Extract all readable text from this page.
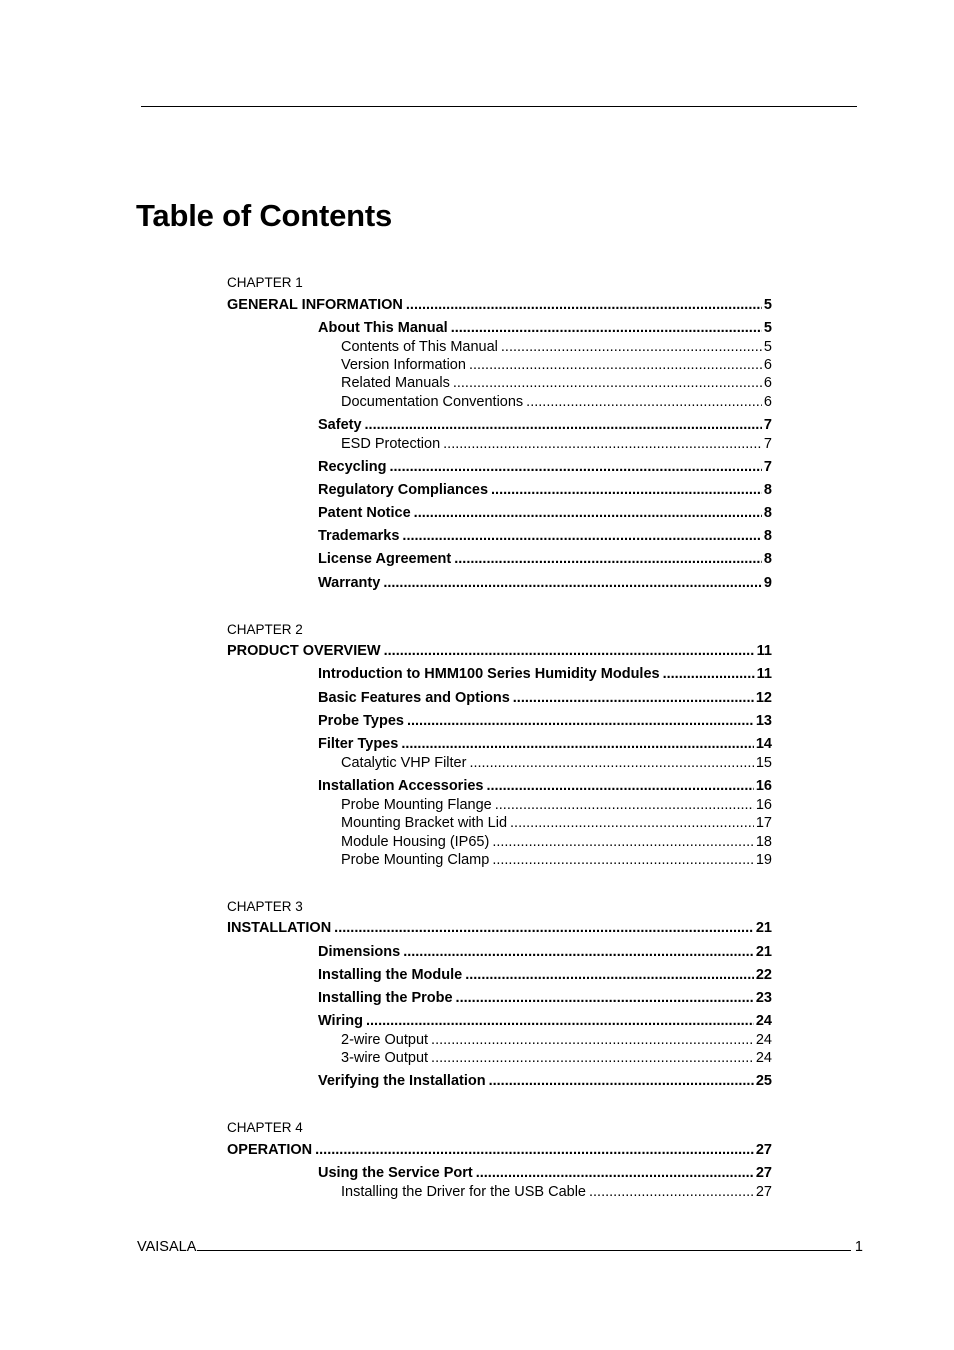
Table of Contents
CHAPTER 1
GENERAL INFORMATION .....	5
About This Manual .....	5
Contents of This Manual .....	5
Version Information .....	6
Related Manuals .....	6
Documentation Conventions .....	6
Safety .....	7
ESD Protection .....	7
Recycling .....	7
Regulatory Compliances .....	8
Patent Notice .....	8
Trademarks .....	8
License Agreement .....	8
Warranty .....	9
CHAPTER 2
PRODUCT OVERVIEW .....	11
Introduction to HMM100 Series Humidity Modules .....	11
Basic Features and Options .....	12
Probe Types .....	13
Filter Types .....	14
Catalytic VHP Filter .....	15
Installation Accessories .....	16
Probe Mounting Flange .....	16
Mounting Bracket with Lid .....	17
Module Housing (IP65) .....	18
Probe Mounting Clamp .....	19
CHAPTER 3
INSTALLATION .....	21
Dimensions .....	21
Installing the Module .....	22
Installing the Probe .....	23
Wiring .....	24
2-wire Output .....	24
3-wire Output .....	24
Verifying the Installation .....	25
CHAPTER 4
OPERATION .....	27
Using the Service Port .....	27
Installing the Driver for the USB Cable .....	27
VAISALA	1
